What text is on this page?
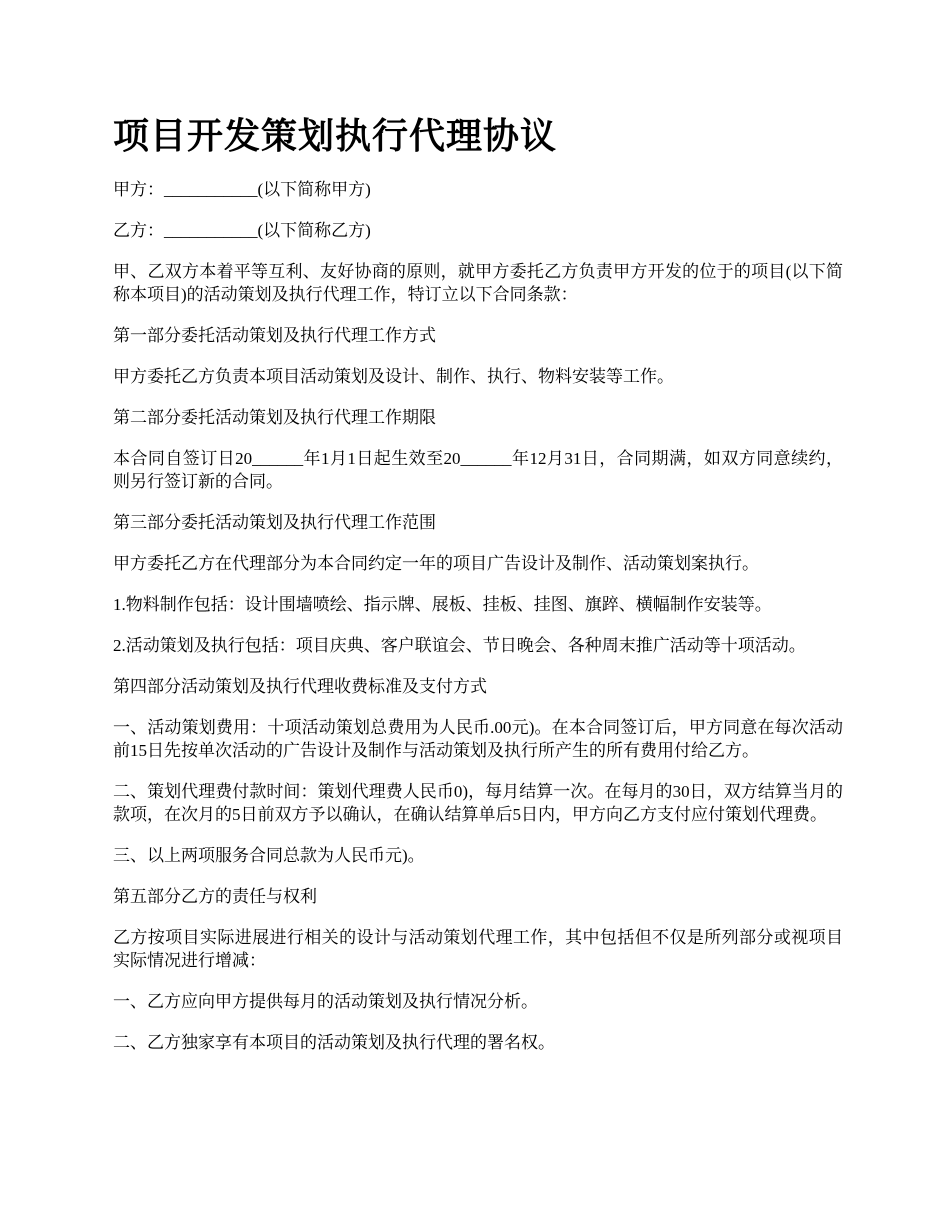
项目开发策划执行代理协议

甲方：___________(以下简称甲方)

乙方：___________(以下简称乙方)

甲、乙双方本着平等互利、友好协商的原则，就甲方委托乙方负责甲方开发的位于的项目(以下简称本项目)的活动策划及执行代理工作，特订立以下合同条款：

第一部分委托活动策划及执行代理工作方式

甲方委托乙方负责本项目活动策划及设计、制作、执行、物料安装等工作。

第二部分委托活动策划及执行代理工作期限

本合同自签订日20______年1月1日起生效至20______年12月31日，合同期满，如双方同意续约，则另行签订新的合同。

第三部分委托活动策划及执行代理工作范围

甲方委托乙方在代理部分为本合同约定一年的项目广告设计及制作、活动策划案执行。

1.物料制作包括：设计围墙喷绘、指示牌、展板、挂板、挂图、旗踤、横幅制作安装等。

2.活动策划及执行包括：项目庆典、客户联谊会、节日晚会、各种周末推广活动等十项活动。

第四部分活动策划及执行代理收费标准及支付方式

一、活动策划费用：十项活动策划总费用为人民币.00元)。在本合同签订后，甲方同意在每次活动前15日先按单次活动的广告设计及制作与活动策划及执行所产生的所有费用付给乙方。

二、策划代理费付款时间：策划代理费人民币0)，每月结算一次。在每月的30日，双方结算当月的款项，在次月的5日前双方予以确认，在确认结算单后5日内，甲方向乙方支付应付策划代理费。

三、以上两项服务合同总款为人民币元)。

第五部分乙方的责任与权利

乙方按项目实际进展进行相关的设计与活动策划代理工作，其中包括但不仅是所列部分或视项目实际情况进行增减：

一、乙方应向甲方提供每月的活动策划及执行情况分析。

二、乙方独家享有本项目的活动策划及执行代理的署名权。
